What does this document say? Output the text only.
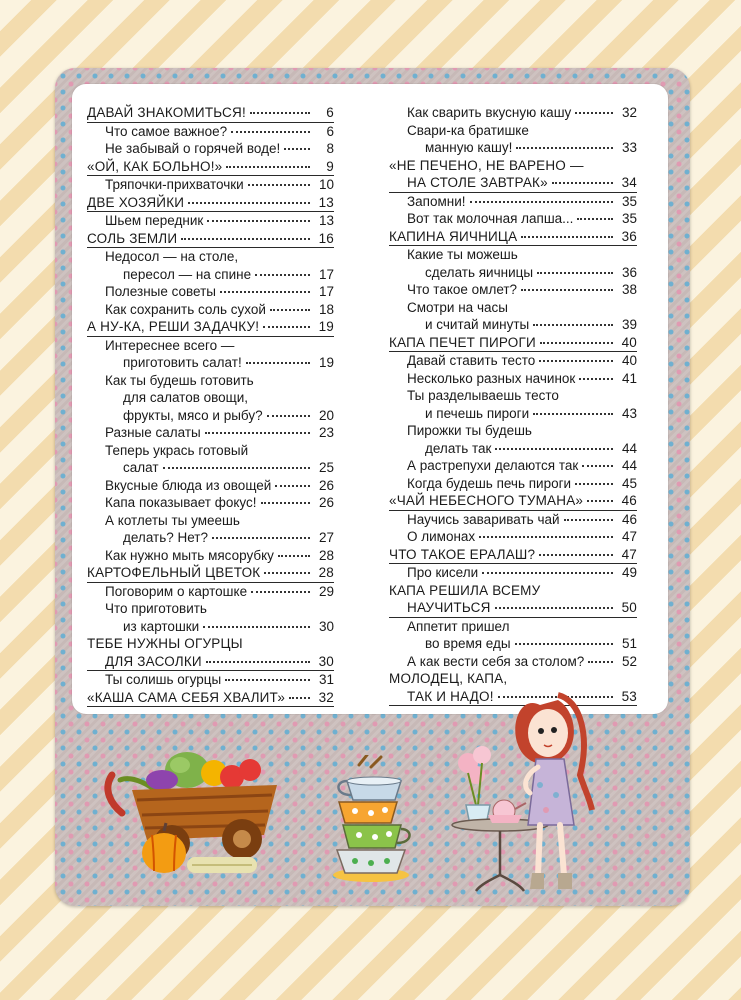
ДАВАЙ ЗНАКОМИТЬСЯ!	6
Что самое важное?	6
Не забывай о горячей воде!	8
«ОЙ, КАК БОЛЬНО!»	9
Тряпочки-прихваточки	10
ДВЕ ХОЗЯЙКИ	13
Шьем передник	13
СОЛЬ ЗЕМЛИ	16
Недосол — на столе,
пересол — на спине	17
Полезные советы	17
Как сохранить соль сухой	18
А НУ-КА, РЕШИ ЗАДАЧКУ!	19
Интереснее всего —
приготовить салат!	19
Как ты будешь готовить
для салатов овощи,
фрукты, мясо и рыбу?	20
Разные салаты	23
Теперь укрась готовый
салат	25
Вкусные блюда из овощей	26
Капа показывает фокус!	26
А котлеты ты умеешь
делать? Нет?	27
Как нужно мыть мясорубку	28
КАРТОФЕЛЬНЫЙ ЦВЕТОК	28
Поговорим о картошке	29
Что приготовить
из картошки	30
ТЕБЕ НУЖНЫ ОГУРЦЫ
ДЛЯ ЗАСОЛКИ	30
Ты солишь огурцы	31
«КАША САМА СЕБЯ ХВАЛИТ»	32
Как сварить вкусную кашу	32
Свари-ка братишке
манную кашу!	33
«НЕ ПЕЧЕНО, НЕ ВАРЕНО —
НА СТОЛЕ ЗАВТРАК»	34
Запомни!	35
Вот так молочная лапша...	35
КАПИНА ЯИЧНИЦА	36
Какие ты можешь
сделать яичницы	36
Что такое омлет?	38
Смотри на часы
и считай минуты	39
КАПА ПЕЧЕТ ПИРОГИ	40
Давай ставить тесто	40
Несколько разных начинок	41
Ты разделываешь тесто
и печешь пироги	43
Пирожки ты будешь
делать так	44
А растрепухи делаются так	44
Когда будешь печь пироги	45
«ЧАЙ НЕБЕСНОГО ТУМАНА»	46
Научись заваривать чай	46
О лимонах	47
ЧТО ТАКОЕ ЕРАЛАШ?	47
Про кисели	49
КАПА РЕШИЛА ВСЕМУ
НАУЧИТЬСЯ	50
Аппетит пришел
во время еды	51
А как вести себя за столом?	52
МОЛОДЕЦ, КАПА,
ТАК И НАДО!	53
